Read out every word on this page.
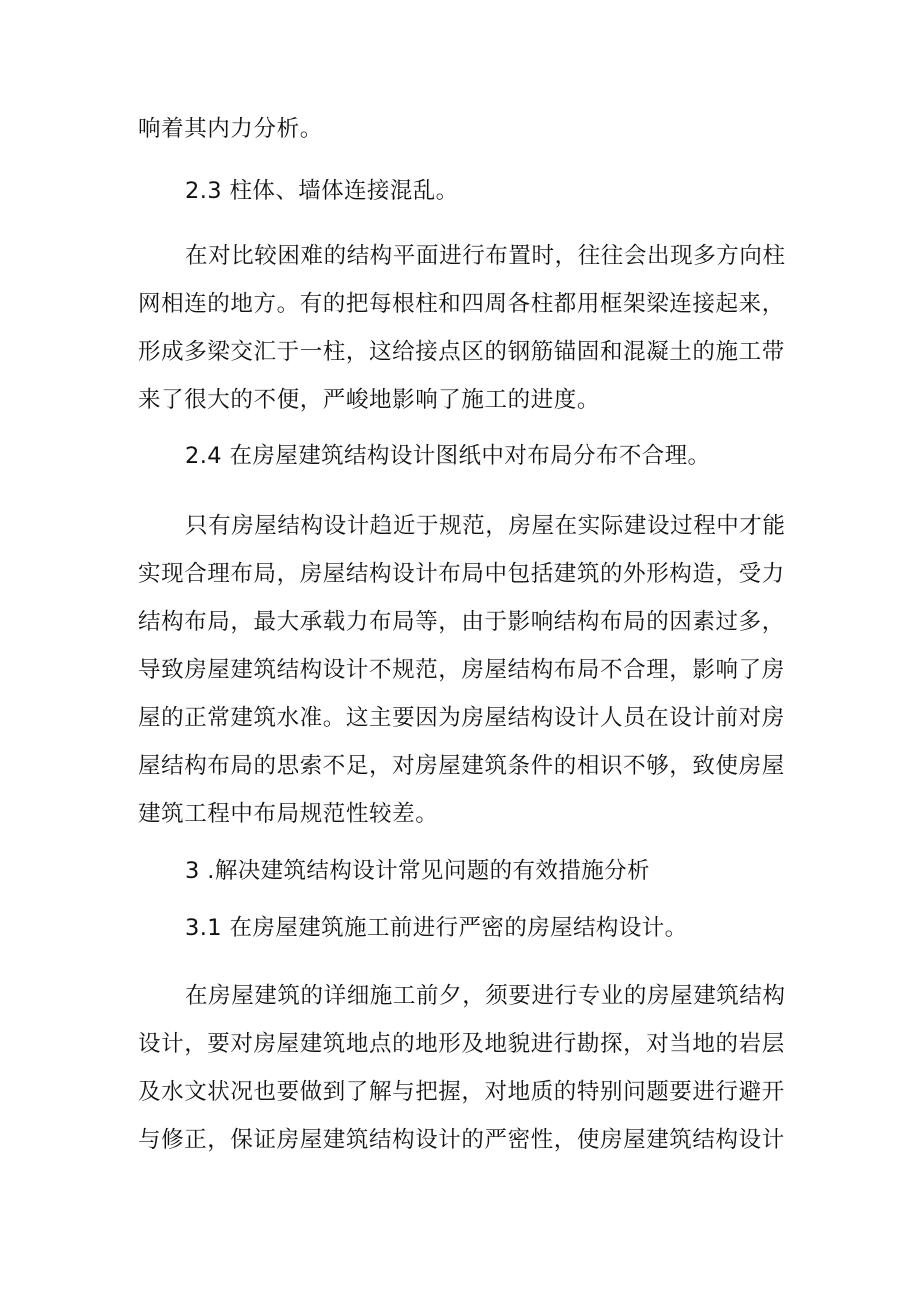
响着其内力分析。
2.3 柱体、墙体连接混乱。
在对比较困难的结构平面进行布置时，往往会出现多方向柱
网相连的地方。有的把每根柱和四周各柱都用框架梁连接起来，
形成多梁交汇于一柱，这给接点区的钢筋锚固和混凝土的施工带
来了很大的不便，严峻地影响了施工的进度。
2.4 在房屋建筑结构设计图纸中对布局分布不合理。
只有房屋结构设计趋近于规范，房屋在实际建设过程中才能
实现合理布局，房屋结构设计布局中包括建筑的外形构造，受力
结构布局，最大承载力布局等，由于影响结构布局的因素过多，
导致房屋建筑结构设计不规范，房屋结构布局不合理，影响了房
屋的正常建筑水准。这主要因为房屋结构设计人员在设计前对房
屋结构布局的思索不足，对房屋建筑条件的相识不够，致使房屋
建筑工程中布局规范性较差。
3 .解决建筑结构设计常见问题的有效措施分析
3.1 在房屋建筑施工前进行严密的房屋结构设计。
在房屋建筑的详细施工前夕，须要进行专业的房屋建筑结构
设计，要对房屋建筑地点的地形及地貌进行勘探，对当地的岩层
及水文状况也要做到了解与把握，对地质的特别问题要进行避开
与修正，保证房屋建筑结构设计的严密性，使房屋建筑结构设计
